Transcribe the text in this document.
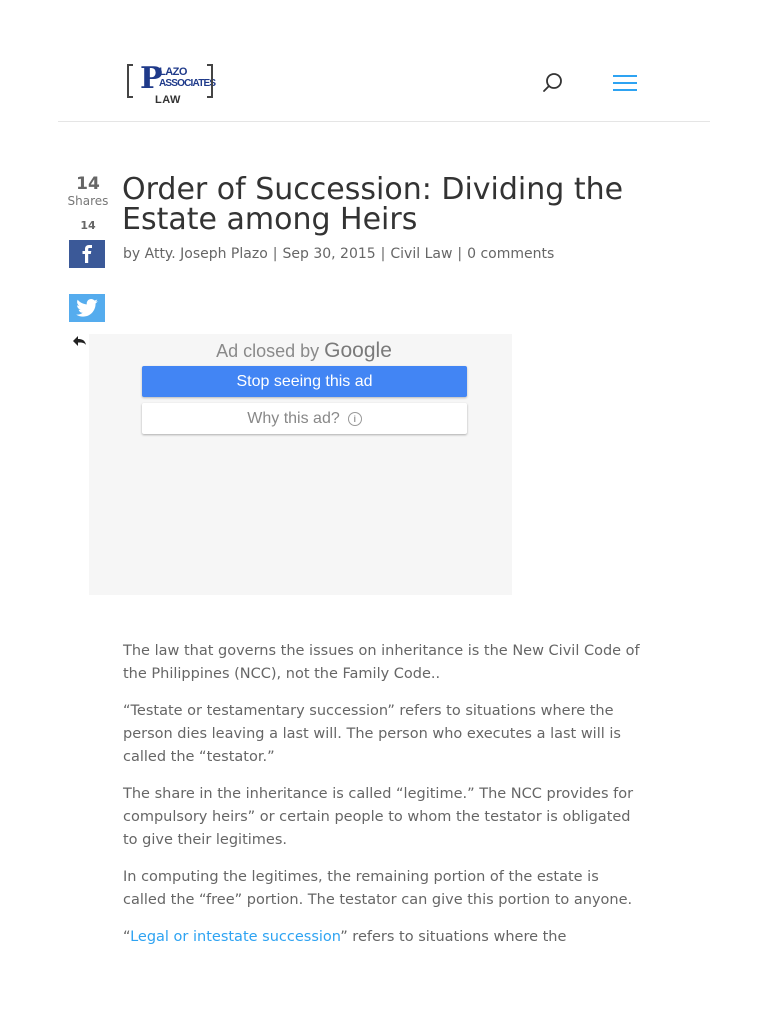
P
LAZO
ASSOCIATES
LAW
14
Shares
14
Order of Succession: Dividing the Estate among Heirs
by Atty. Joseph Plazo | Sep 30, 2015 | Civil Law | 0 comments
Ad closed by Google
Stop seeing this ad
Why this ad?	i

The law that governs the issues on inheritance is the New Civil Code of the Philippines (NCC), not the Family Code..

“Testate or testamentary succession” refers to situations where the person dies leaving a last will. The person who executes a last will is called the “testator.”

The share in the inheritance is called “legitime.” The NCC provides for compulsory heirs” or certain people to whom the testator is obligated to give their legitimes.

In computing the legitimes, the remaining portion of the estate is called the “free” portion. The testator can give this portion to anyone.

“Legal or intestate succession” refers to situations where the
